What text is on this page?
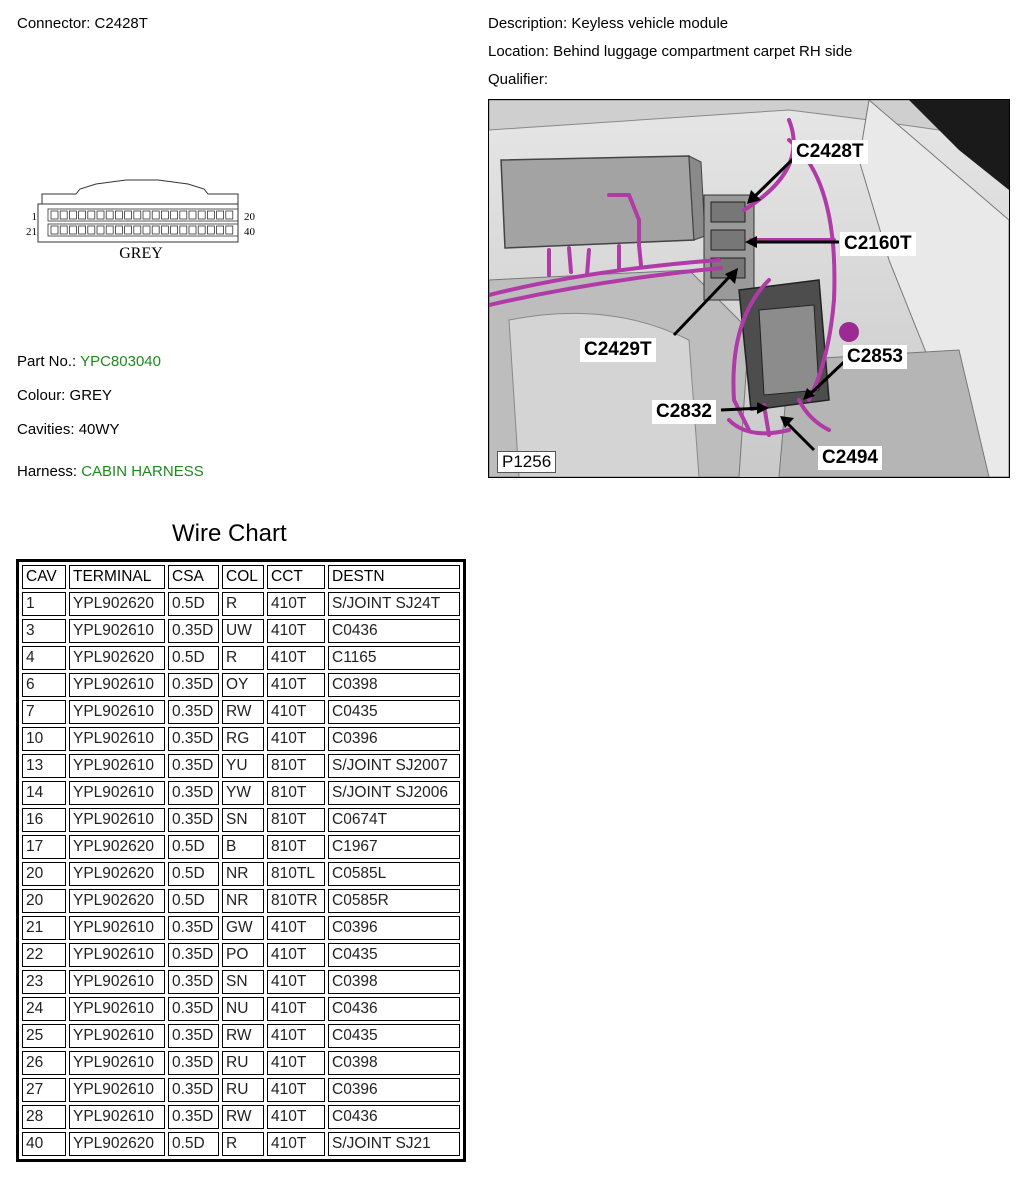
Connector: C2428T	Description: Keyless vehicle module
Location: Behind luggage compartment carpet RH side
Qualifier:
1
21
20
40
GREY
Part No.: YPC803040
Colour: GREY
Cavities: 40WY
Harness: CABIN HARNESS
C2428T
C2160T
C2429T	C2853
C2832
C2494
P1256
Wire Chart
CAV	TERMINAL	CSA	COL	CCT	DESTN
1	YPL902620	0.5D	R	410T	S/JOINT SJ24T
3	YPL902610	0.35D	UW	410T	C0436
4	YPL902620	0.5D	R	410T	C1165
6	YPL902610	0.35D	OY	410T	C0398
7	YPL902610	0.35D	RW	410T	C0435
10	YPL902610	0.35D	RG	410T	C0396
13	YPL902610	0.35D	YU	810T	S/JOINT SJ2007
14	YPL902610	0.35D	YW	810T	S/JOINT SJ2006
16	YPL902610	0.35D	SN	810T	C0674T
17	YPL902620	0.5D	B	810T	C1967
20	YPL902620	0.5D	NR	810TL	C0585L
20	YPL902620	0.5D	NR	810TR	C0585R
21	YPL902610	0.35D	GW	410T	C0396
22	YPL902610	0.35D	PO	410T	C0435
23	YPL902610	0.35D	SN	410T	C0398
24	YPL902610	0.35D	NU	410T	C0436
25	YPL902610	0.35D	RW	410T	C0435
26	YPL902610	0.35D	RU	410T	C0398
27	YPL902610	0.35D	RU	410T	C0396
28	YPL902610	0.35D	RW	410T	C0436
40	YPL902620	0.5D	R	410T	S/JOINT SJ21
